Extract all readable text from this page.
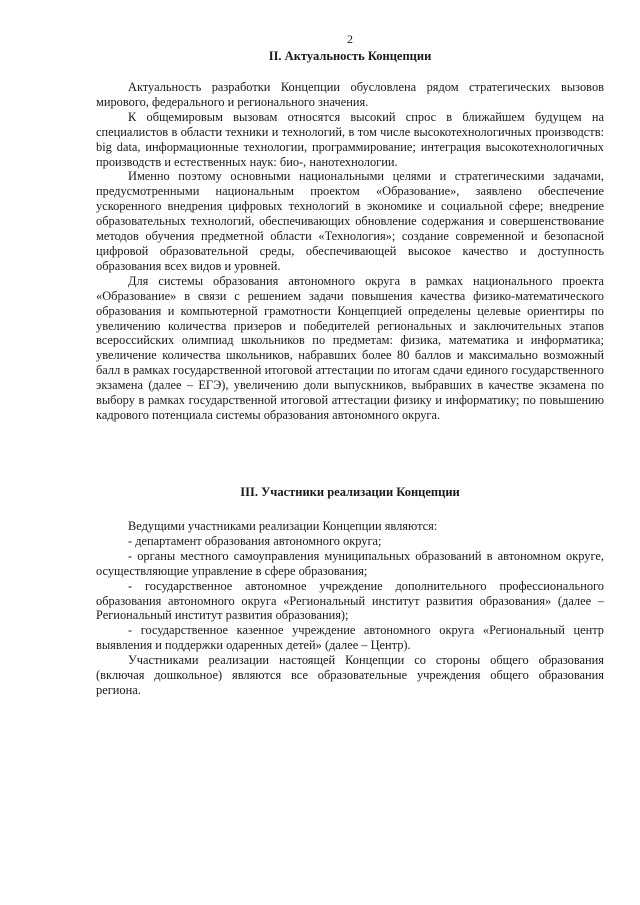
2
II. Актуальность Концепции

Актуальность разработки Концепции обусловлена рядом стратегических вызовов мирового, федерального и регионального значения.

К общемировым вызовам относятся высокий спрос в ближайшем будущем на специалистов в области техники и технологий, в том числе высокотехнологичных производств: big data, информационные технологии, программирование; интеграция высокотехнологичных производств и естественных наук: био-, нанотехнологии.

Именно поэтому основными национальными целями и стратегическими задачами, предусмотренными национальным проектом «Образование», заявлено обеспечение ускоренного внедрения цифровых технологий в экономике и социальной сфере; внедрение образовательных технологий, обеспечивающих обновление содержания и совершенствование методов обучения предметной области «Технология»; создание современной и безопасной цифровой образовательной среды, обеспечивающей высокое качество и доступность образования всех видов и уровней.

Для системы образования автономного округа в рамках национального проекта «Образование» в связи с решением задачи повышения качества физико-математического образования и компьютерной грамотности Концепцией определены целевые ориентиры по увеличению количества призеров и победителей региональных и заключительных этапов всероссийских олимпиад школьников по предметам: физика, математика и информатика; увеличение количества школьников, набравших более 80 баллов и максимально возможный балл в рамках государственной итоговой аттестации по итогам сдачи единого государственного экзамена (далее – ЕГЭ), увеличению доли выпускников, выбравших в качестве экзамена по выбору в рамках государственной итоговой аттестации физику и информатику; по повышению кадрового потенциала системы образования автономного округа.

III. Участники реализации Концепции

Ведущими участниками реализации Концепции являются:

- департамент образования автономного округа;

- органы местного самоуправления муниципальных образований в автономном округе, осуществляющие управление в сфере образования;

- государственное автономное учреждение дополнительного профессионального образования автономного округа «Региональный институт развития образования» (далее – Региональный институт развития образования);

- государственное казенное учреждение автономного округа «Региональный центр выявления и поддержки одаренных детей» (далее – Центр).

Участниками реализации настоящей Концепции со стороны общего образования (включая дошкольное) являются все образовательные учреждения общего образования региона.
